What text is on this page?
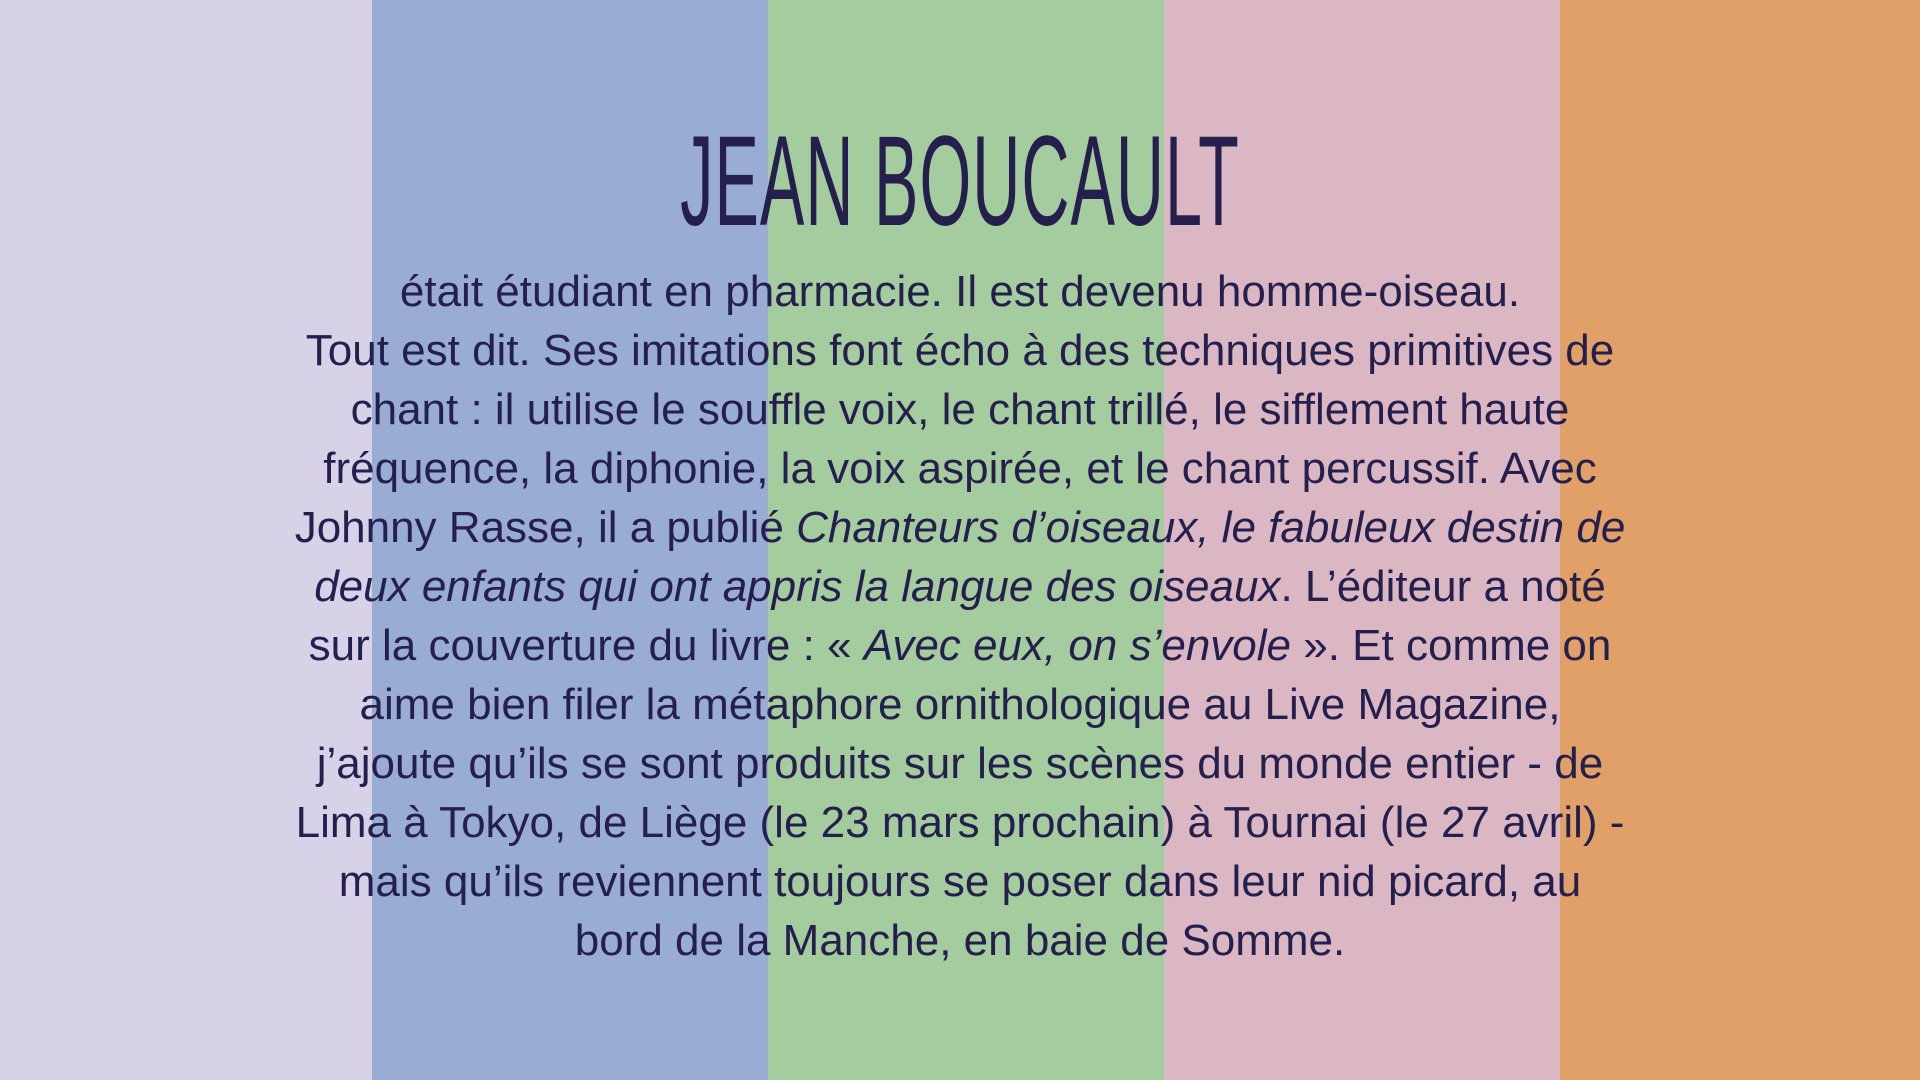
JEAN BOUCAULT
était étudiant en pharmacie. Il est devenu homme-oiseau.
Tout est dit. Ses imitations font écho à des techniques primitives de
chant : il utilise le souffle voix, le chant trillé, le sifflement haute
fréquence, la diphonie, la voix aspirée, et le chant percussif. Avec
Johnny Rasse, il a publié Chanteurs d’oiseaux, le fabuleux destin de
deux enfants qui ont appris la langue des oiseaux. L’éditeur a noté
sur la couverture du livre : « Avec eux, on s’envole ». Et comme on
aime bien filer la métaphore ornithologique au Live Magazine,
j’ajoute qu’ils se sont produits sur les scènes du monde entier - de
Lima à Tokyo, de Liège (le 23 mars prochain) à Tournai (le 27 avril) -
mais qu’ils reviennent toujours se poser dans leur nid picard, au
bord de la Manche, en baie de Somme.
